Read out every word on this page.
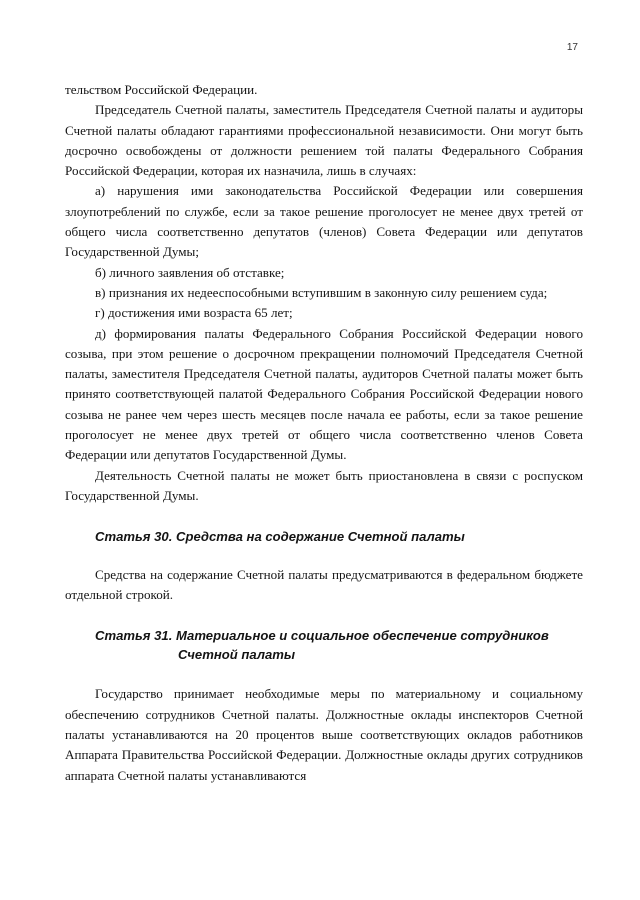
17

тельством Российской Федерации.

Председатель Счетной палаты, заместитель Председателя Счетной палаты и аудиторы Счетной палаты обладают гарантиями профессиональной независимости. Они могут быть досрочно освобождены от должности решением той палаты Федерального Собрания Российской Федерации, которая их назначила, лишь в случаях:

а) нарушения ими законодательства Российской Федерации или совершения злоупотреблений по службе, если за такое решение проголосует не менее двух третей от общего числа соответственно депутатов (членов) Совета Федерации или депутатов Государственной Думы;

б) личного заявления об отставке;

в) признания их недееспособными вступившим в законную силу решением суда;

г) достижения ими возраста 65 лет;

д) формирования палаты Федерального Собрания Российской Федерации нового созыва, при этом решение о досрочном прекращении полномочий Председателя Счетной палаты, заместителя Председателя Счетной палаты, аудиторов Счетной палаты может быть принято соответствующей палатой Федерального Собрания Российской Федерации нового созыва не ранее чем через шесть месяцев после начала ее работы, если за такое решение проголосует не менее двух третей от общего числа соответственно членов Совета Федерации или депутатов Государственной Думы.

Деятельность Счетной палаты не может быть приостановлена в связи с роспуском Государственной Думы.

Статья 30. Средства на содержание Счетной палаты

Средства на содержание Счетной палаты предусматриваются в федеральном бюджете отдельной строкой.

Статья 31. Материальное и социальное обеспечение сотрудников
Счетной палаты

Государство принимает необходимые меры по материальному и социальному обеспечению сотрудников Счетной палаты. Должностные оклады инспекторов Счетной палаты устанавливаются на 20 процентов выше соответствующих окладов работников Аппарата Правительства Российской Федерации. Должностные оклады других сотрудников аппарата Счетной палаты устанавливаются
